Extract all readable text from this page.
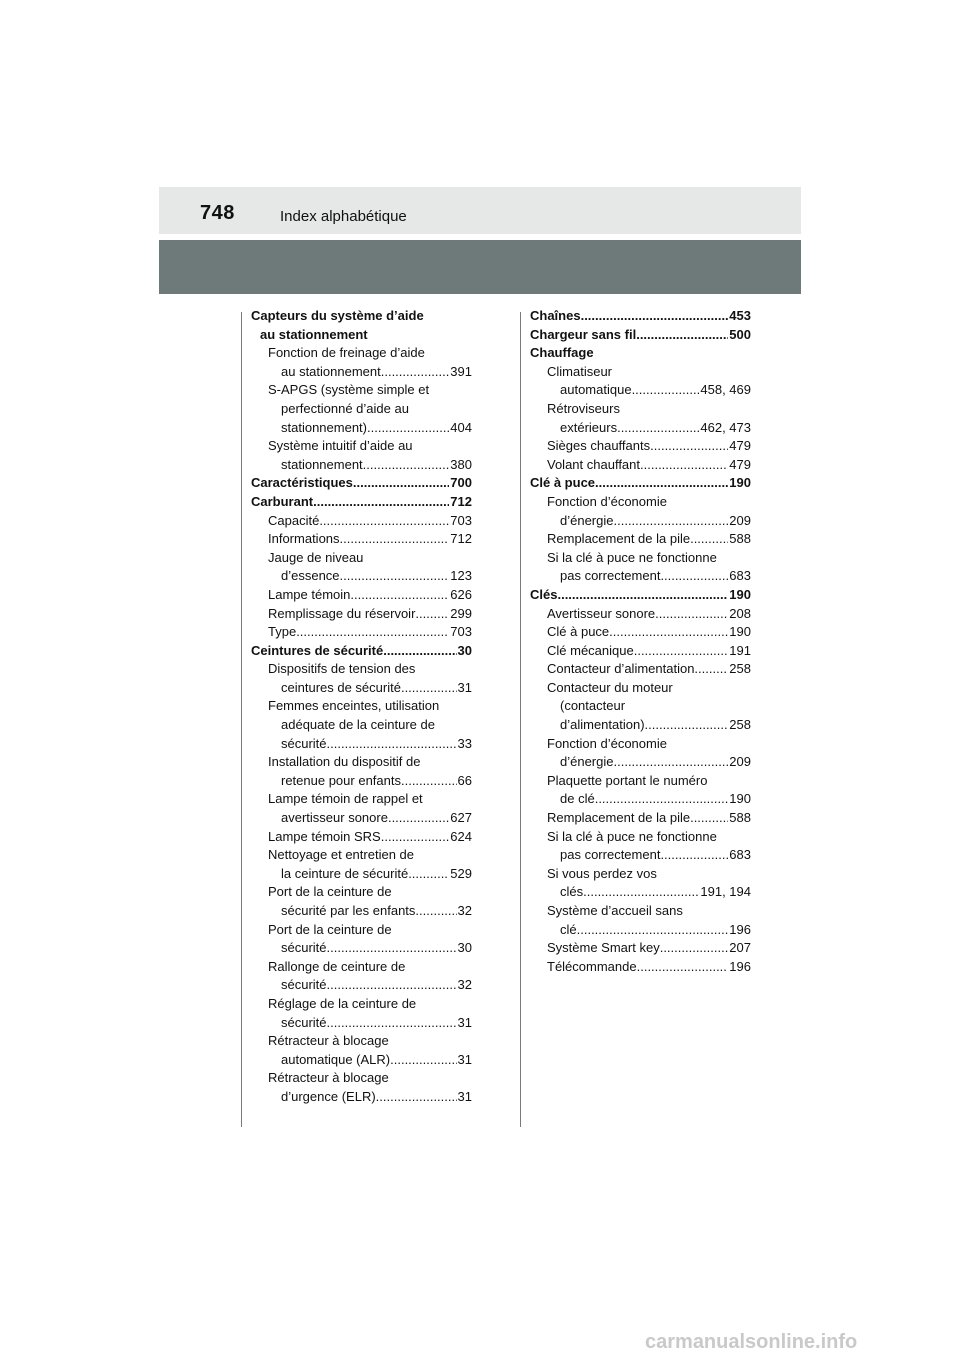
748	Index alphabétique
Capteurs du système d’aide
au stationnement
Fonction de freinage d’aide
au stationnement .....	391
S-APGS (système simple et
perfectionné d’aide au
stationnement). .....	404
Système intuitif d’aide au
stationnement .....	380
Caractéristiques .....	700
Carburant .....	712
Capacité .....	703
Informations .....	712
Jauge de niveau
d’essence .....	123
Lampe témoin .....	626
Remplissage du réservoir .....	299
Type .....	703
Ceintures de sécurité .....	30
Dispositifs de tension des
ceintures de sécurité .....	31
Femmes enceintes, utilisation
adéquate de la ceinture de
sécurité .....	33
Installation du dispositif de
retenue pour enfants .....	66
Lampe témoin de rappel et
avertisseur sonore .....	627
Lampe témoin SRS .....	624
Nettoyage et entretien de
la ceinture de sécurité .....	529
Port de la ceinture de
sécurité par les enfants .....	32
Port de la ceinture de
sécurité .....	30
Rallonge de ceinture de
sécurité .....	32
Réglage de la ceinture de
sécurité .....	31
Rétracteur à blocage
automatique (ALR) .....	31
Rétracteur à blocage
d’urgence (ELR) .....	31
Chaînes .....	453
Chargeur sans fil .....	500
Chauffage
Climatiseur
automatique .....	458, 469
Rétroviseurs
extérieurs .....	462, 473
Sièges chauffants .....	479
Volant chauffant. .....	479
Clé à puce .....	190
Fonction d’économie
d’énergie .....	209
Remplacement de la pile .....	588
Si la clé à puce ne fonctionne
pas correctement .....	683
Clés .....	190
Avertisseur sonore. .....	208
Clé à puce .....	190
Clé mécanique. .....	191
Contacteur d’alimentation .....	258
Contacteur du moteur
(contacteur
d’alimentation). .....	258
Fonction d’économie
d’énergie .....	209
Plaquette portant le numéro
de clé. .....	190
Remplacement de la pile .....	588
Si la clé à puce ne fonctionne
pas correctement .....	683
Si vous perdez vos
clés .....	191, 194
Système d’accueil sans
clé. .....	196
Système Smart key .....	207
Télécommande .....	196
carmanualsonline.info
